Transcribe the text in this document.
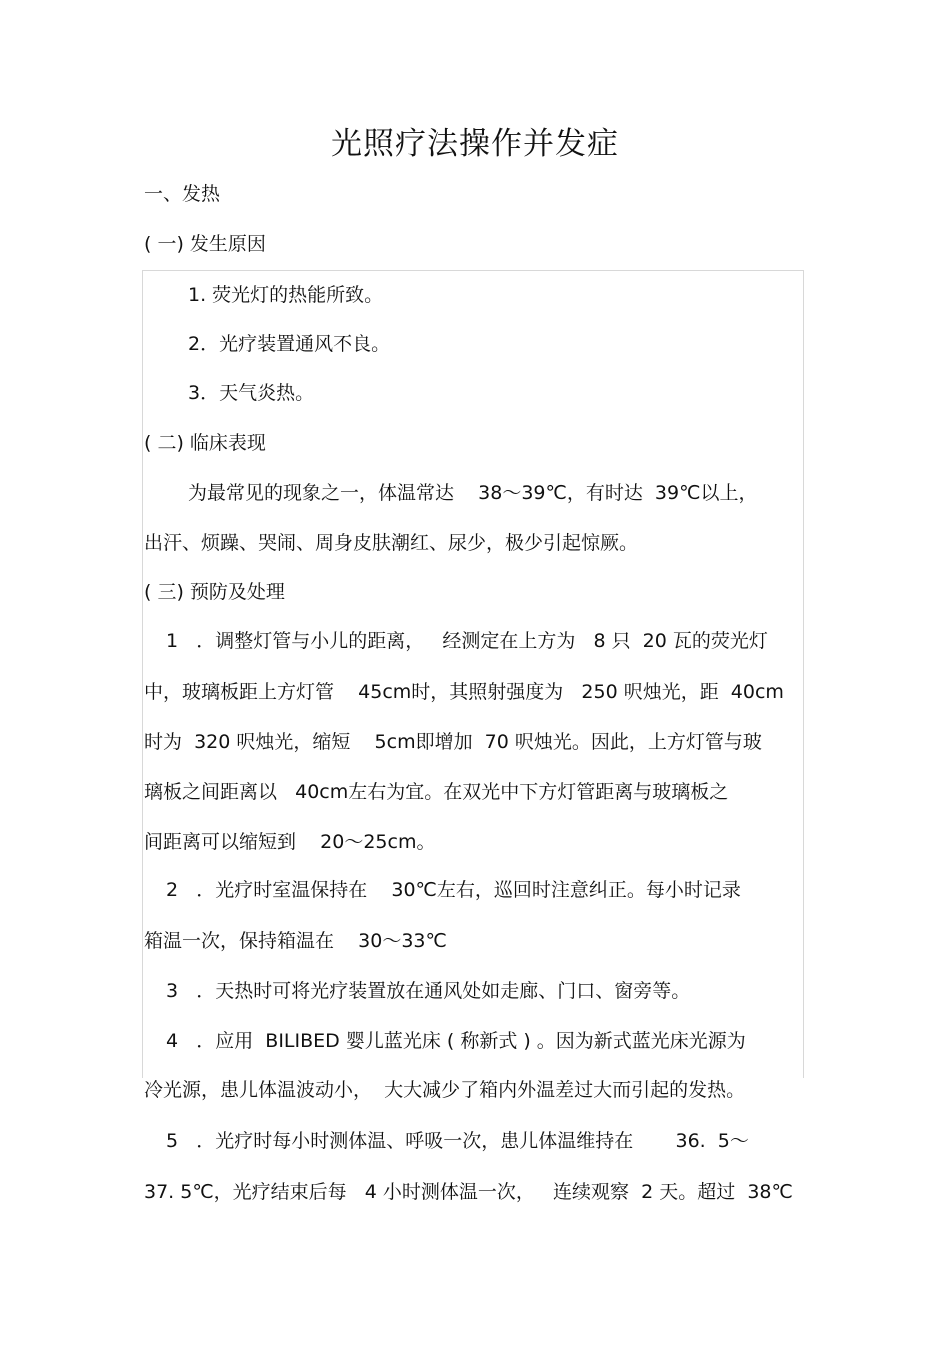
光照疗法操作并发症
一、发热
( 一) 发生原因
1. 荧光灯的热能所致。
2．光疗装置通风不良。
3．天气炎热。
( 二) 临床表现
为最常见的现象之一，体温常达    38～39℃，有时达  39℃以上，
出汗、烦躁、哭闹、周身皮肤潮红、尿少，极少引起惊厥。
( 三) 预防及处理
1   ．调整灯管与小儿的距离，   经测定在上方为   8 只  20 瓦的荧光灯
中，玻璃板距上方灯管    45cm时，其照射强度为   250 呎烛光，距  40cm
时为  320 呎烛光，缩短    5cm即增加  70 呎烛光。因此，上方灯管与玻
璃板之间距离以   40cm左右为宜。在双光中下方灯管距离与玻璃板之
间距离可以缩短到    20～25cm。
2   ．光疗时室温保持在    30℃左右，巡回时注意纠正。每小时记录
箱温一次，保持箱温在    30～33℃
3   ．天热时可将光疗装置放在通风处如走廊、门口、窗旁等。
4   ．应用  BILIBED 婴儿蓝光床 ( 称新式 ) 。因为新式蓝光床光源为
冷光源，患儿体温波动小，  大大减少了箱内外温差过大而引起的发热。
5   ．光疗时每小时测体温、呼吸一次，患儿体温维持在       36.  5～
37. 5℃，光疗结束后每   4 小时测体温一次，   连续观察  2 天。超过  38℃
